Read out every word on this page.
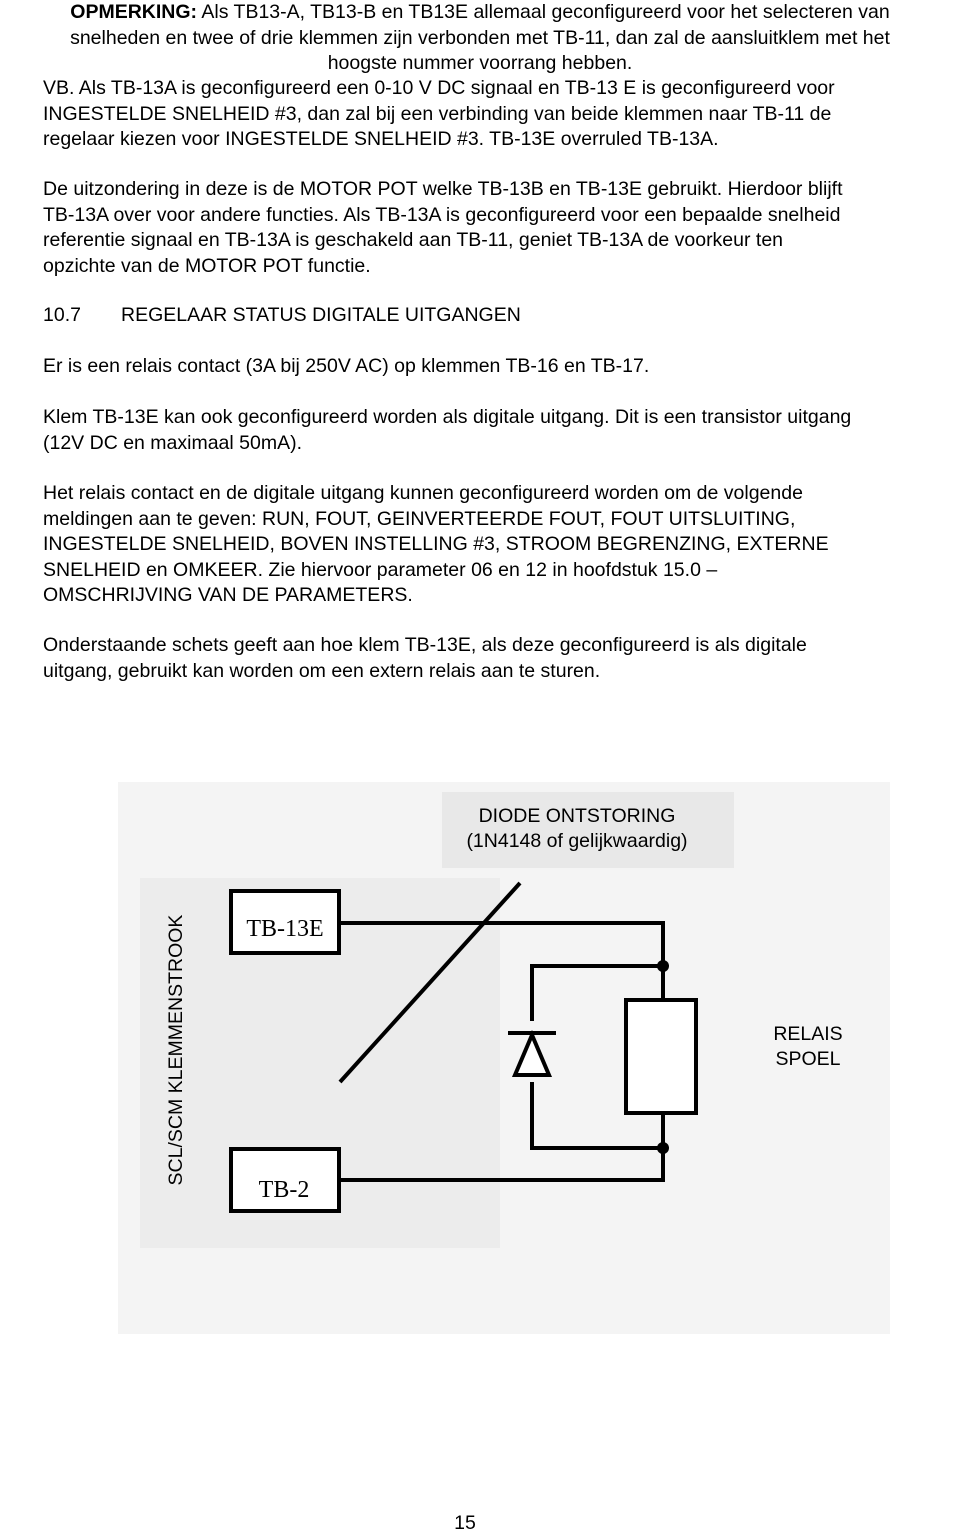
OPMERKING: Als TB13-A, TB13-B en TB13E allemaal geconfigureerd voor het selecteren van
snelheden en twee of drie klemmen zijn verbonden met TB-11, dan zal de aansluitklem met het
hoogste nummer voorrang hebben.
VB. Als TB-13A is geconfigureerd een 0-10 V DC signaal en TB-13 E is geconfigureerd voor
INGESTELDE SNELHEID #3, dan zal bij een verbinding van beide klemmen naar TB-11 de
regelaar kiezen voor INGESTELDE SNELHEID #3. TB-13E overruled TB-13A.
De uitzondering in deze is de MOTOR POT welke TB-13B en TB-13E gebruikt. Hierdoor blijft
TB-13A over voor andere functies. Als TB-13A is geconfigureerd voor een bepaalde snelheid
referentie signaal en TB-13A is geschakeld aan TB-11, geniet TB-13A de voorkeur ten
opzichte van de MOTOR POT functie.
10.7 REGELAAR STATUS DIGITALE UITGANGEN
Er is een relais contact (3A bij 250V AC) op klemmen TB-16 en TB-17.
Klem TB-13E kan ook geconfigureerd worden als digitale uitgang. Dit is een transistor uitgang
(12V DC en maximaal 50mA).
Het relais contact en de digitale uitgang kunnen geconfigureerd worden om de volgende
meldingen aan te geven: RUN, FOUT, GEINVERTEERDE FOUT, FOUT UITSLUITING,
INGESTELDE SNELHEID, BOVEN INSTELLING #3, STROOM BEGRENZING, EXTERNE
SNELHEID en OMKEER. Zie hiervoor parameter 06 en 12 in hoofdstuk 15.0 –
OMSCHRIJVING VAN DE PARAMETERS.
Onderstaande schets geeft aan hoe klem TB-13E, als deze geconfigureerd is als digitale
uitgang, gebruikt kan worden om een extern relais aan te sturen.
DIODE ONTSTORING
(1N4148 of gelijkwaardig)
SCL/SCM KLEMMENSTROOK	RELAIS
SPOEL
TB-13E
TB-2
15
